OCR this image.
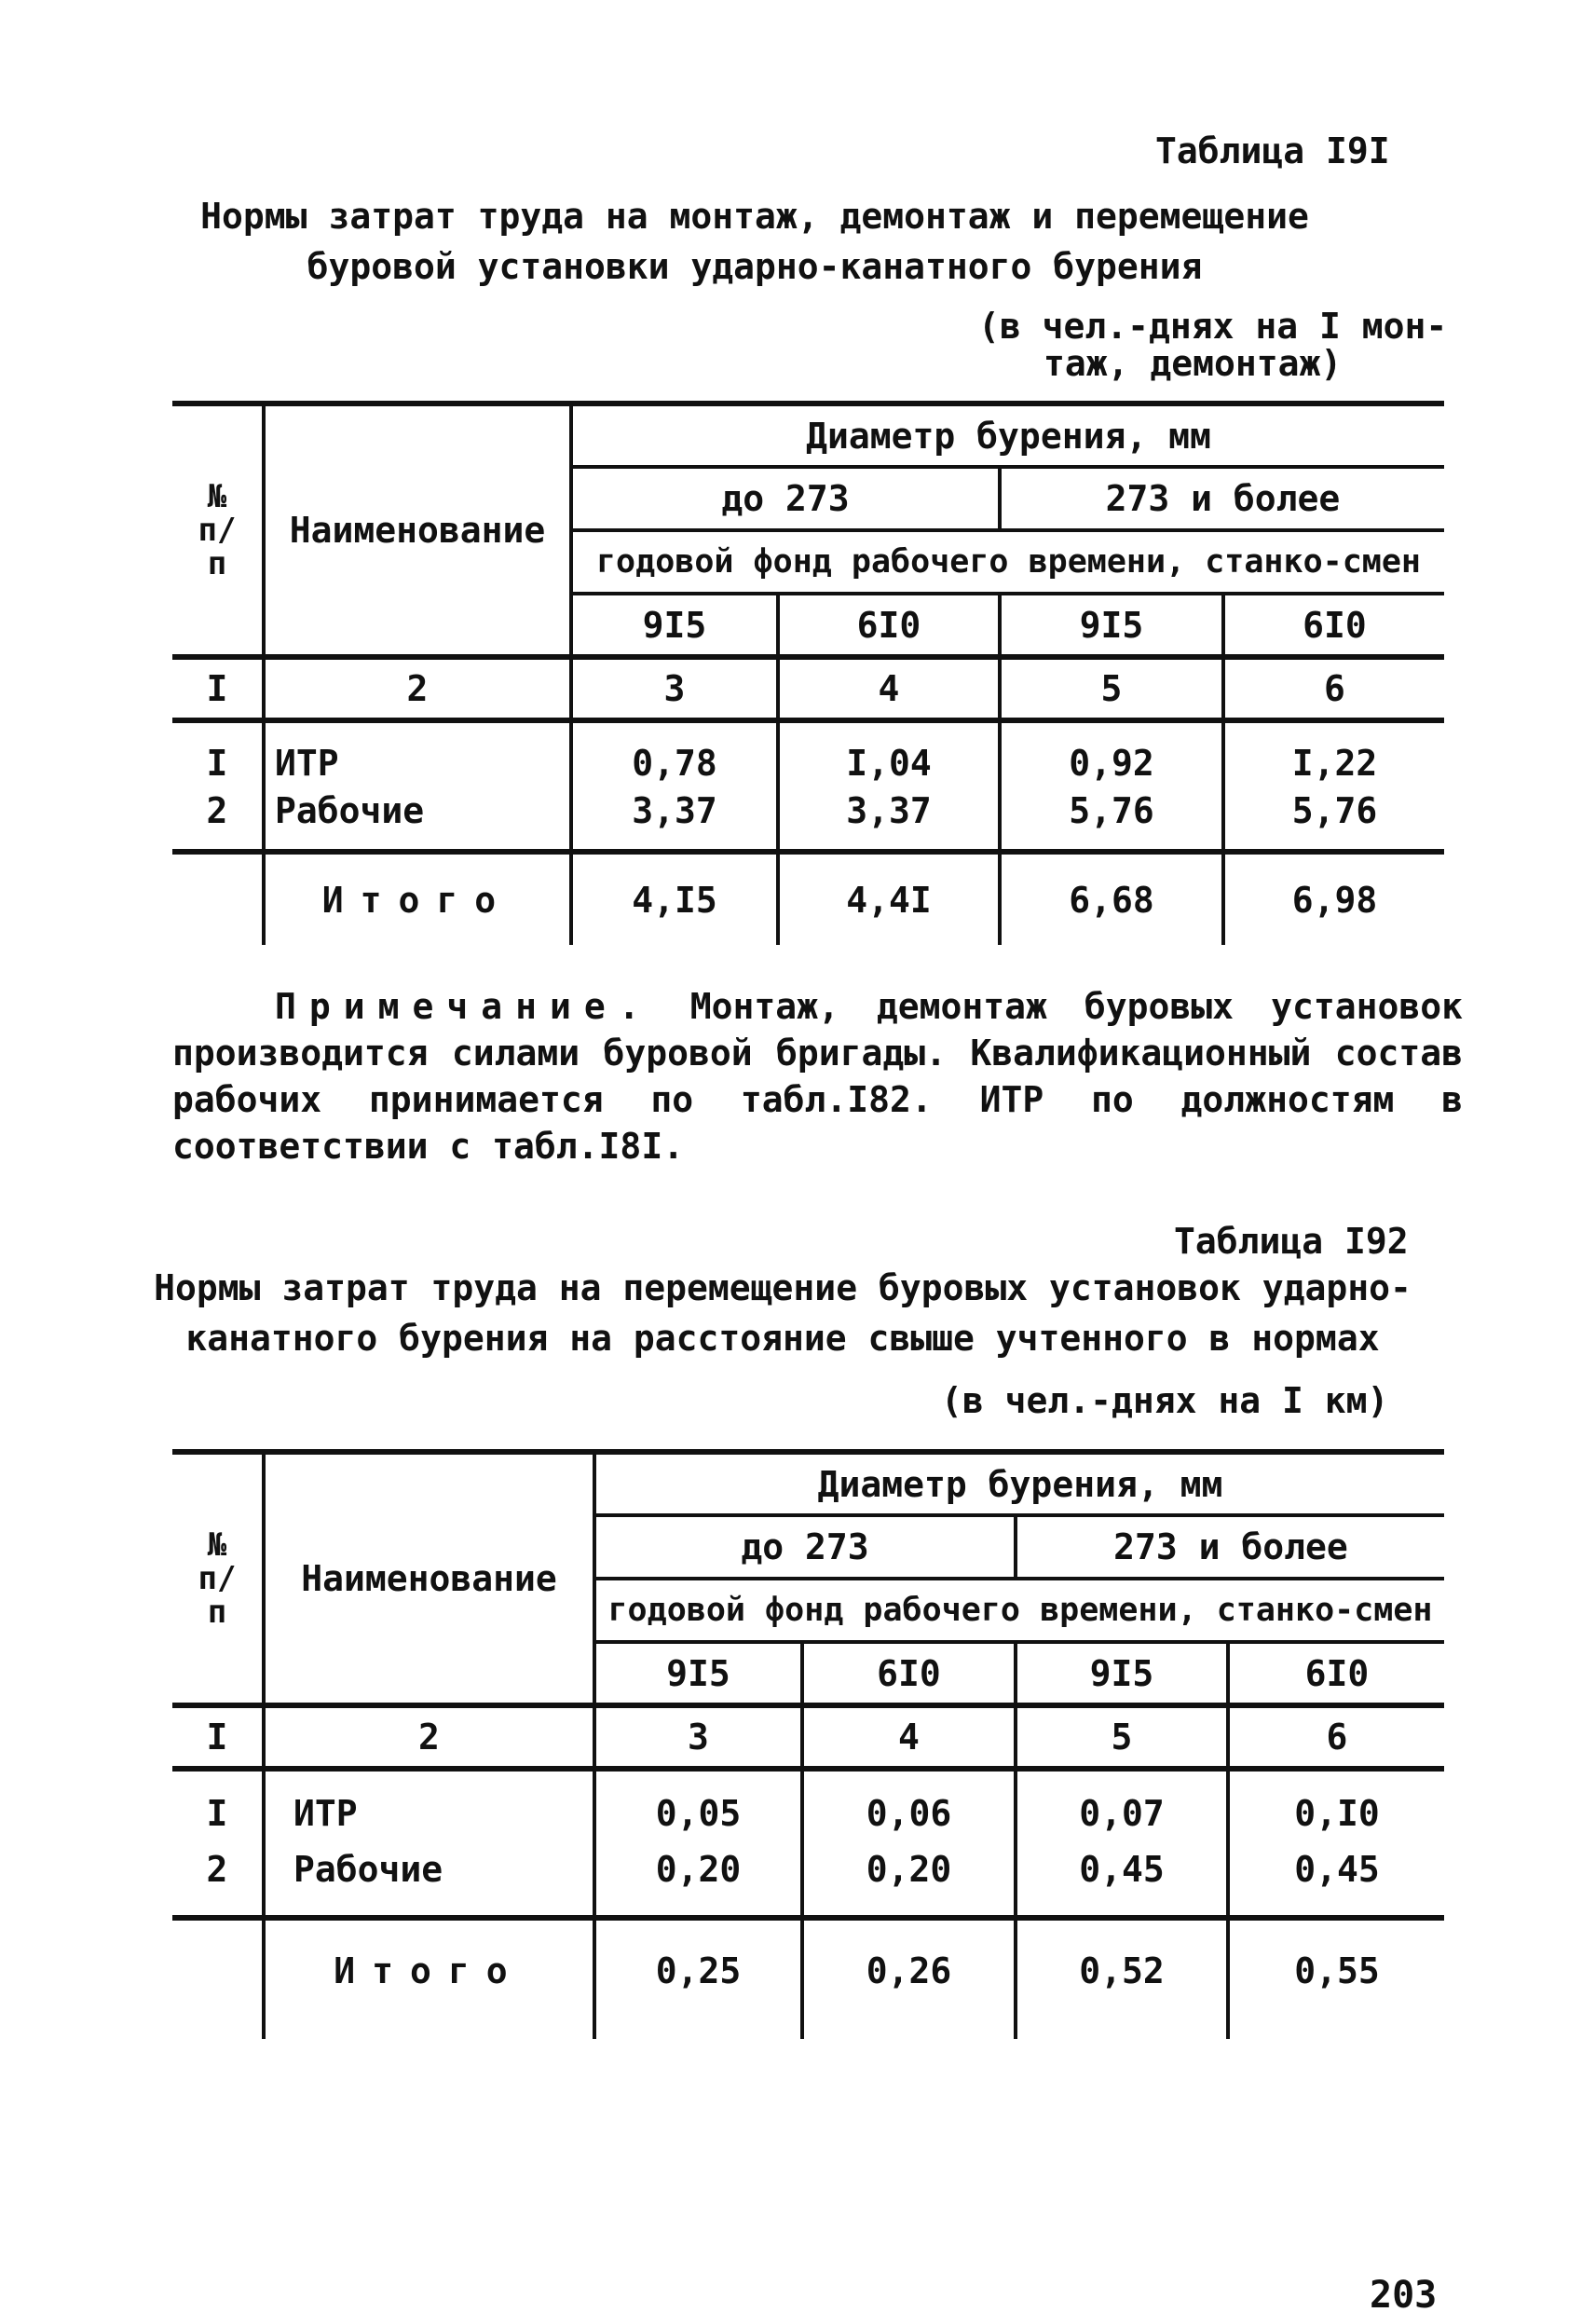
Таблица I9I
Нормы затрат труда на монтаж, демонтаж и перемещение
буровой установки ударно-канатного бурения
(в чел.-днях на I мон-
таж, демонтаж)
№ п/п	Наименование	Диаметр бурения, мм			
		до 273		273 и более	
		годовой фонд рабочего времени, станко-смен			
		9I5	6I0	9I5	6I0
I	2	3	4	5	6
I	ИТР	0,78	I,04	0,92	I,22
2	Рабочие	3,37	3,37	5,76	5,76
	Итого	4,I5	4,4I	6,68	6,98
Примечание. Монтаж, демонтаж буровых установок производится силами буровой бригады. Квалификационный состав рабочих принимается по табл.I82. ИТР по должностям в соответствии с табл.I8I.
Таблица I92
Нормы затрат труда на перемещение буровых установок ударно-
канатного бурения на расстояние свыше учтенного в нормах
(в чел.-днях на I км)
№ п/п	Наименование	Диаметр бурения, мм			
		до 273		273 и более	
		годовой фонд рабочего времени, станко-смен			
		9I5	6I0	9I5	6I0
I	2	3	4	5	6
I	ИТР	0,05	0,06	0,07	0,I0
2	Рабочие	0,20	0,20	0,45	0,45
	Итого	0,25	0,26	0,52	0,55
203
